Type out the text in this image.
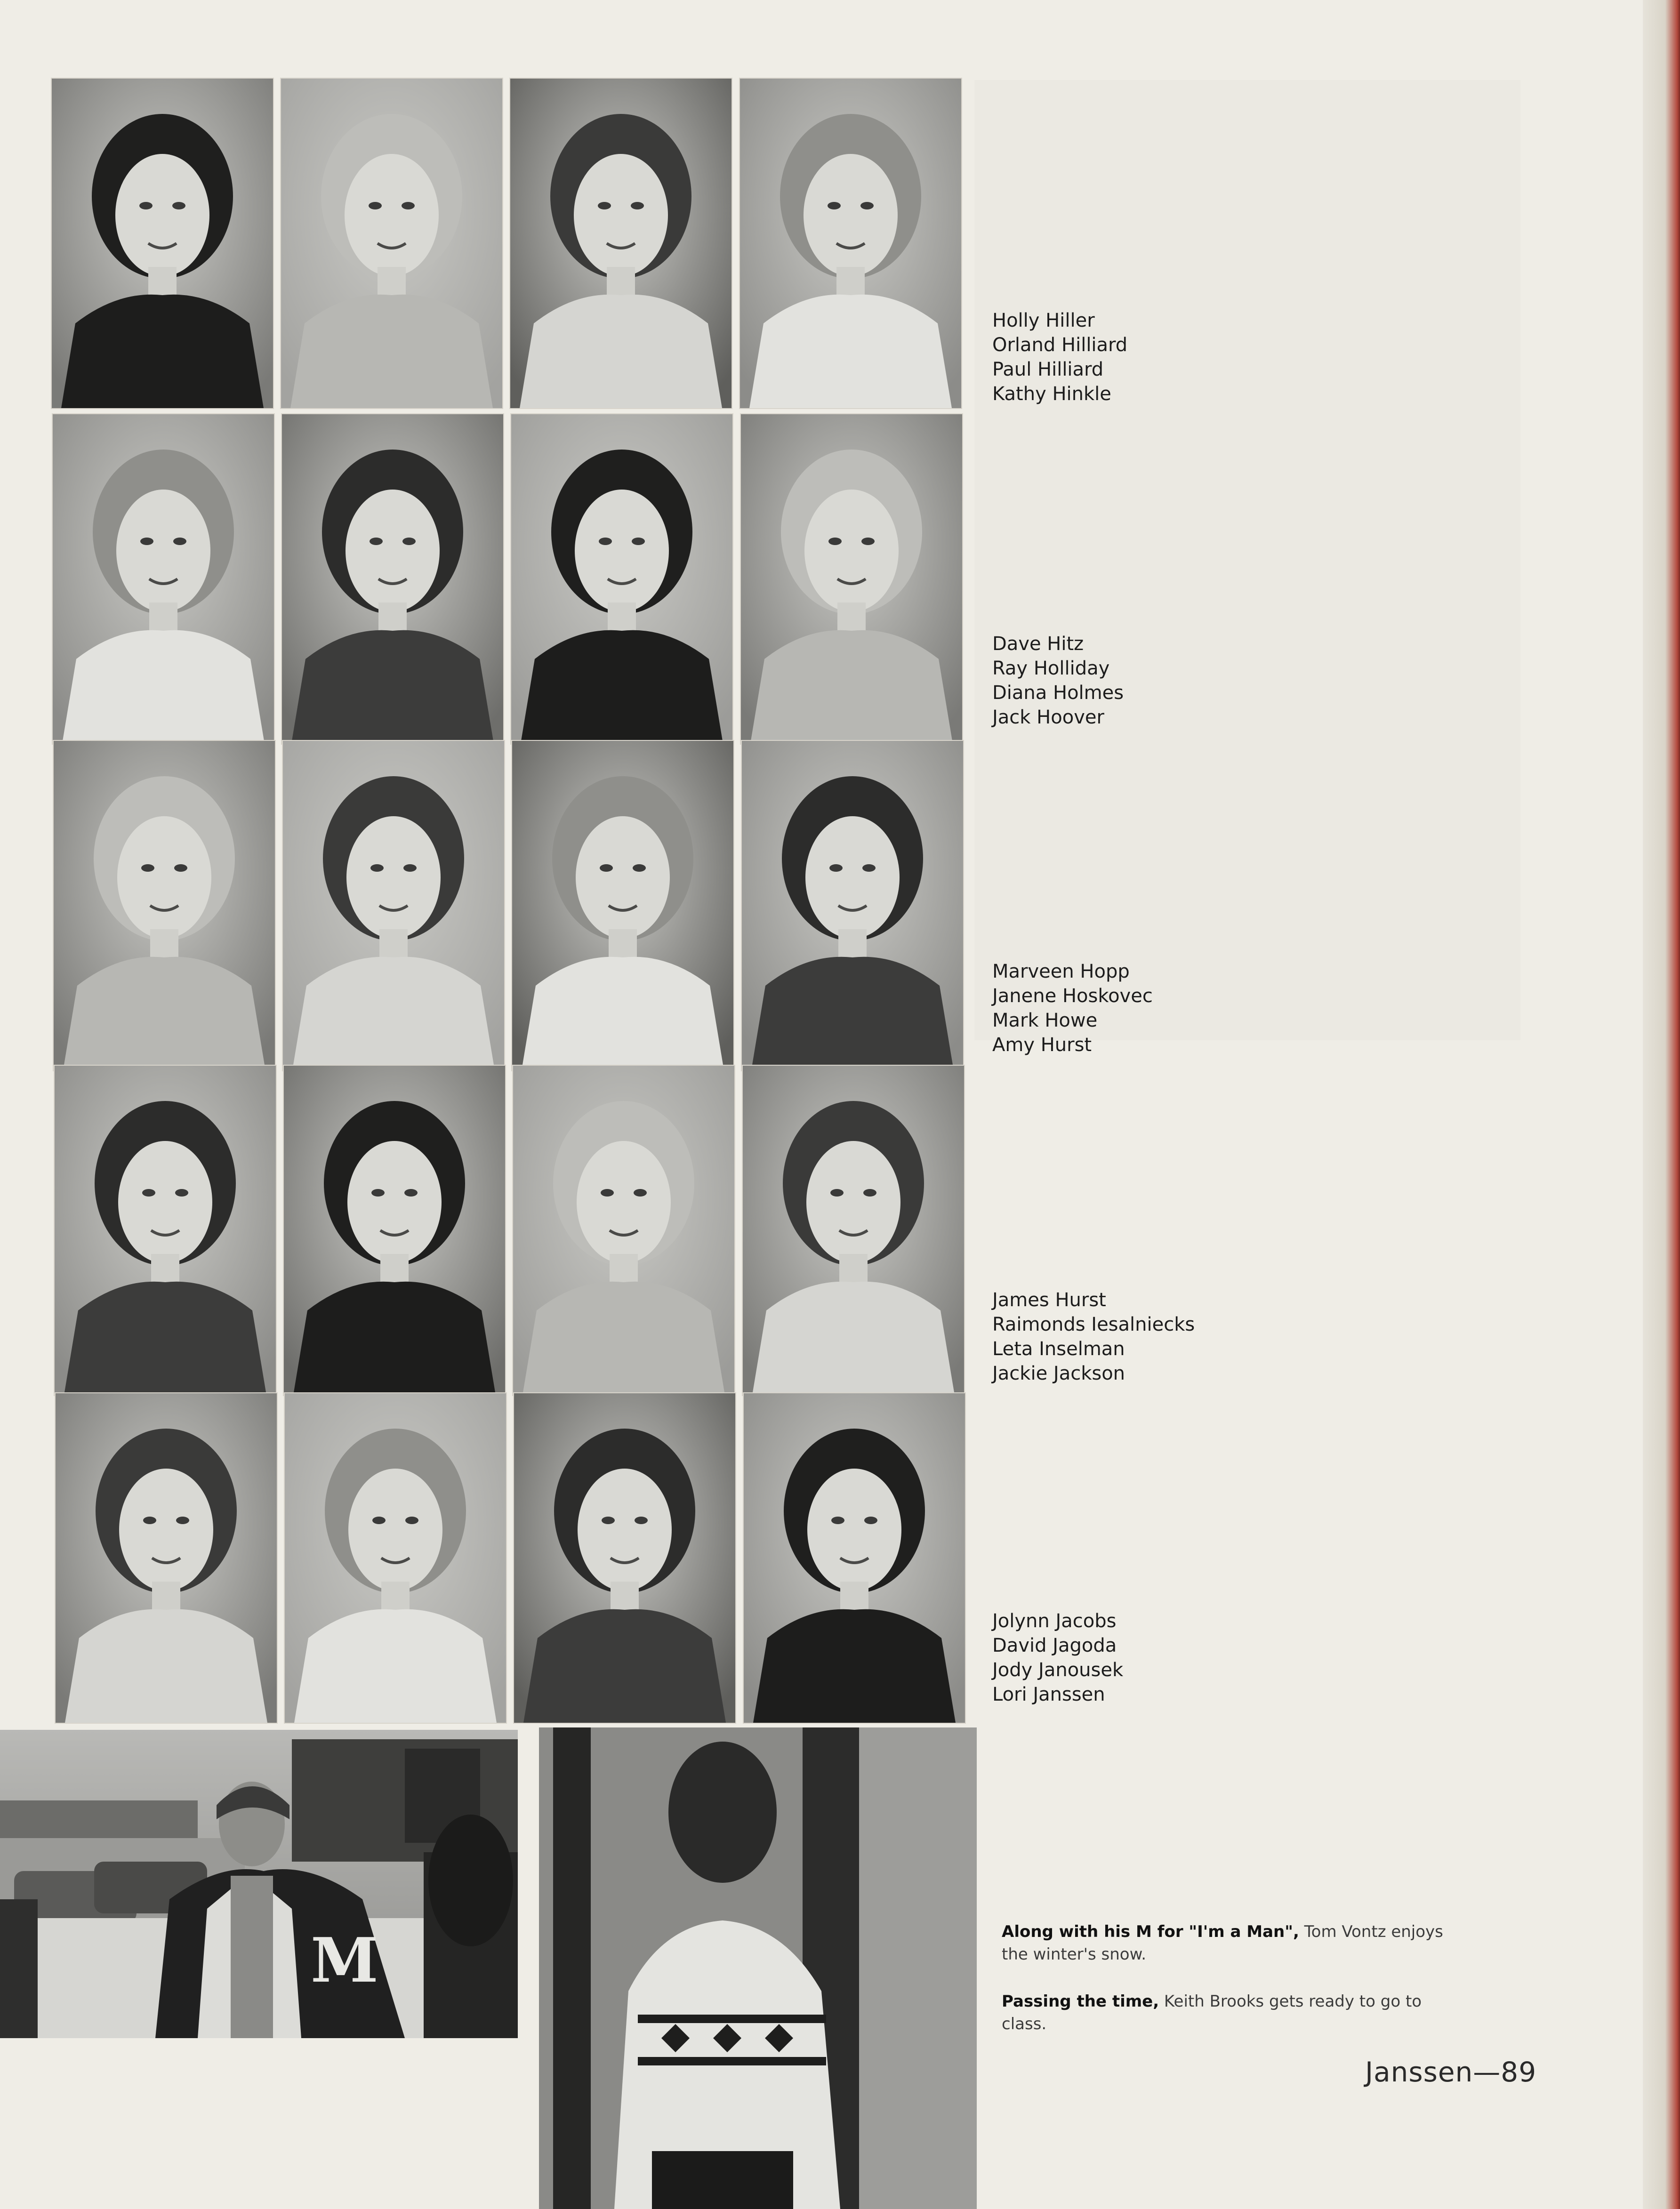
Holly Hiller
Orland Hilliard
Paul Hilliard
Kathy Hinkle
Dave Hitz
Ray Holliday
Diana Holmes
Jack Hoover
Marveen Hopp
Janene Hoskovec
Mark Howe
Amy Hurst
James Hurst
Raimonds Iesalniecks
Leta Inselman
Jackie Jackson
Jolynn Jacobs
David Jagoda
Jody Janousek
Lori Janssen
M	Along with his M for "I'm a Man", Tom Vontz enjoys the winter's snow.
Passing the time, Keith Brooks gets ready to go to class.
Janssen—89
